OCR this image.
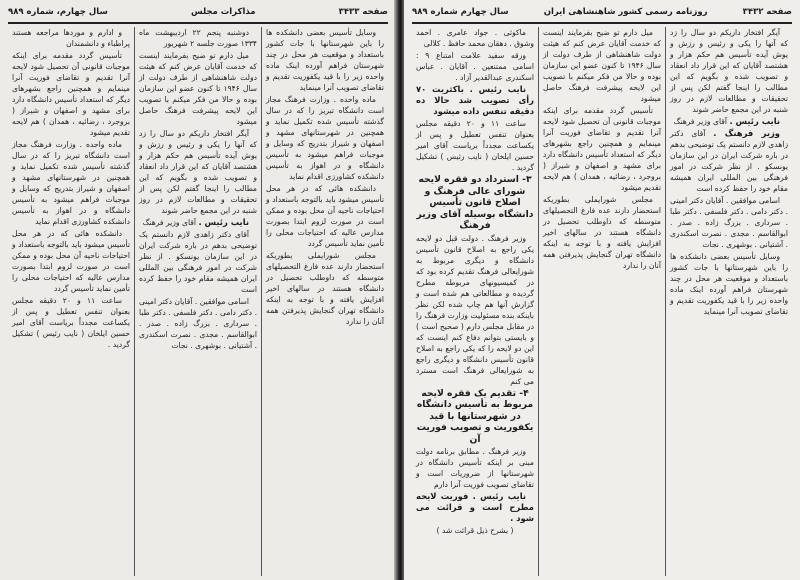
صفحه ۳۴۳۳
مذاکرات مجلس
سال چهارم، شماره ۹۸۹

وسایل تأسیس بعضی دانشکده ها را باین شهرستانها با جات کشور باستعداد و موقعیت هر محل در چند شهرستان فراهم آورده اینک ماده واحده زیر را با قید یکفوریت تقدیم و تقاضای تصویب آنرا مینماید

ماده واحده . وزارت فرهنگ مجاز است دانشگاه تبریز را که در سال گذشته تأسیس شده تکمیل نماید و همچنین در شهرستانهای مشهد و اصفهان و شیراز بتدریج که وسایل و موجبات فراهم میشود به تأسیس دانشگاه و در اهواز به تأسیس دانشکده کشاورزی اقدام نماید

دانشکده هائی که در هر محل تأسیس میشود باید بالتوجه باستعداد و احتیاجات ناحیه آن محل بوده و ممکن است در صورت لزوم ابتدا بصورت مدارس عالیه که احتیاجات محلی را تأمین نماید تأسیس گردد

مجلس شورایملی بطوریکه استحضار دارند عده فارغ التحصیلهای متوسطه که داوطلب تحصیل در دانشگاه هستند در سالهای اخیر افزایش یافته و با توجه به اینکه دانشگاه تهران گنجایش پذیرفتن همه آنان را ندارد

دوشنبه پنجم ۲۲ اردیبهشت ماه ۱۳۳۴ صورت جلسه ۲ شهریور

میل دارم تو ضیح بفرمایند اینست که خدمت آقایان عرض کنم که هیئت دولت شاهنشاهی از طرف دولت از سال ۱۹۴۶ تا کنون عضو این سازمان بوده و حالا من فکر میکنم با تصویب این لایحه پیشرفت فرهنگ حاصل میشود

آیگر افتخار داریکم دو سال را زد که آنها را یکی و رئیس و رزش و یوش آیده تأسیس هم حکم هزار و هشتصد آقایان که این قرار داد انعقاد و تصویب شده و بگویم که این مطالب را اینجا گفتم لکن پس از تحقیقات و مطالعات لازم در روز شنبه در این مجمع حاضر شوند

نایب رئیس . آقای وزیر فرهنگ

آقای دکتر زاهدی لازم دانستم یک توضیحی بدهم در باره شرکت ایران در این سازمان یونسکو . از نظر شرکت در امور فرهنگی بین المللی ایران همیشه مقام خود را حفظ کرده است

اسامی موافقین . آقایان دکتر امینی . دکتر دامی . دکتر فلسفی . دکتر طبا . سرداری . بزرگ زاده . صدر . ابوالقاسم . مجدی . نصرت اسکندری . آشتیانی . بوشهری . نجات

و ادارم و موردها مراجعه هستند پراطباء و دانشمندان

تأسیس گردد مقدمه برای اینکه موجبات قانونی آن تحصیل شود لایحه آنرا تقدیم و تقاضای فوریت آنرا مینمایم و همچنین راجع بشهرهای دیگر که استعداد تأسیس دانشگاه دارد برای مشهد و اصفهان و شیراز ( بروجرد ، رضائیه ، همدان ) هم لایحه تقدیم میشود

ماده واحده . وزارت فرهنگ مجاز است دانشگاه تبریز را که در سال گذشته تأسیس شده تکمیل نماید و همچنین در شهرستانهای مشهد و اصفهان و شیراز بتدریج که وسایل و موجبات فراهم میشود به تأسیس دانشگاه و در اهواز به تأسیس دانشکده کشاورزی اقدام نماید

دانشکده هائی که در هر محل تأسیس میشود باید بالتوجه باستعداد و احتیاجات ناحیه آن محل بوده و ممکن است در صورت لزوم ابتدا بصورت مدارس عالیه که احتیاجات محلی را تأمین نماید تأسیس گردد

ساعت ۱۱ و ۲۰ دقیقه مجلس بعنوان تنفس تعطیل و پس از یکساعت مجدداً بریاست آقای امیر حسین ایلخان ( نایب رئیس ) تشکیل گردید .

صفحه ۳۴۳۲
روزنامه رسمی کشور شاهنشاهی ایران
سال چهارم شماره ۹۸۹

آیگر افتخار داریکم دو سال را زد که آنها را یکی و رئیس و رزش و یوش آیده تأسیس هم حکم هزار و هشتصد آقایان که این قرار داد انعقاد و تصویب شده و بگویم که این مطالب را اینجا گفتم لکن پس از تحقیقات و مطالعات لازم در روز شنبه در این مجمع حاضر شوند

نایب رئیس . آقای وزیر فرهنگ

وزیر فرهنگ . آقای دکتر زاهدی لازم دانستم یک توضیحی بدهم در باره شرکت ایران در این سازمان یونسکو . از نظر شرکت در امور فرهنگی بین المللی ایران همیشه مقام خود را حفظ کرده است

اسامی موافقین . آقایان دکتر امینی . دکتر دامی . دکتر فلسفی . دکتر طبا . سرداری . بزرگ زاده . صدر . ابوالقاسم . مجدی . نصرت اسکندری . آشتیانی . بوشهری . نجات

وسایل تأسیس بعضی دانشکده ها را باین شهرستانها با جات کشور باستعداد و موقعیت هر محل در چند شهرستان فراهم آورده اینک ماده واحده زیر را با قید یکفوریت تقدیم و تقاضای تصویب آنرا مینماید

میل دارم تو ضیح بفرمایند اینست که خدمت آقایان عرض کنم که هیئت دولت شاهنشاهی از طرف دولت از سال ۱۹۴۶ تا کنون عضو این سازمان بوده و حالا من فکر میکنم با تصویب این لایحه پیشرفت فرهنگ حاصل میشود

تأسیس گردد مقدمه برای اینکه موجبات قانونی آن تحصیل شود لایحه آنرا تقدیم و تقاضای فوریت آنرا مینمایم و همچنین راجع بشهرهای دیگر که استعداد تأسیس دانشگاه دارد برای مشهد و اصفهان و شیراز ( بروجرد ، رضائیه ، همدان ) هم لایحه تقدیم میشود

مجلس شورایملی بطوریکه استحضار دارند عده فارغ التحصیلهای متوسطه که داوطلب تحصیل در دانشگاه هستند در سالهای اخیر افزایش یافته و با توجه به اینکه دانشگاه تهران گنجایش پذیرفتن همه آنان را ندارد

ماکوئی . جواد عامری . احمد وشوق . دهقان محمد حافظ . کلالی

ورقه سفید علامت امتناع ۹ : اسامی ممتنعین . آقایان . عباس اسکندری عبدالقدیر آزاد .

نایب رئیس . باکثریت ۷۰ رأی تصویب شد حالا ده دقیقه تنفس داده میشود

ساعت ۱۱ و ۲۰ دقیقه مجلس بعنوان تنفس تعطیل و پس از یکساعت مجدداً بریاست آقای امیر حسین ایلخان ( نایب رئیس ) تشکیل گردید .

۳- استرداد دو فقره لایحه شورای عالی فرهنگ و اصلاح قانون تأسیس دانشگاه بوسیله آقای وزیر فرهنگ

وزیر فرهنگ . دولت قبل دو لایحه یکی راجع به اصلاح قانون تأسیس دانشگاه و دیگری مربوط به شورایعالی فرهنگ تقدیم کرده بود که در کمیسیونهای مربوطه مطرح گردیده و مطالعاتی هم شده است و گزارش آنها هم چاپ شده لکن نظر باینکه بنده مسئولیت وزارت فرهنگ را در مقابل مجلس دارم ( صحیح است ) و بایستی بتوانم دفاع کنم اینست که این دو لایحه را که یکی راجع به اصلاح قانون تأسیس دانشگاه و دیگری راجع به شورایعالی فرهنگ است مسترد می کنم

۴- تقدیم یک فقره لایحه مربوط به تأسیس دانشگاه در شهرستانها با قید یکفوریت و تصویب فوریت آن

وزیر فرهنگ . مطابق برنامه دولت مبنی بر اینکه تأسیس دانشگاه در شهرستانها از ضروریات است و تقاضای تصویب فوریت آنرا دارم

نایب رئیس . فوریت لایحه مطرح است و قرائت می شود .

( بشرح ذیل قرائت شد )
